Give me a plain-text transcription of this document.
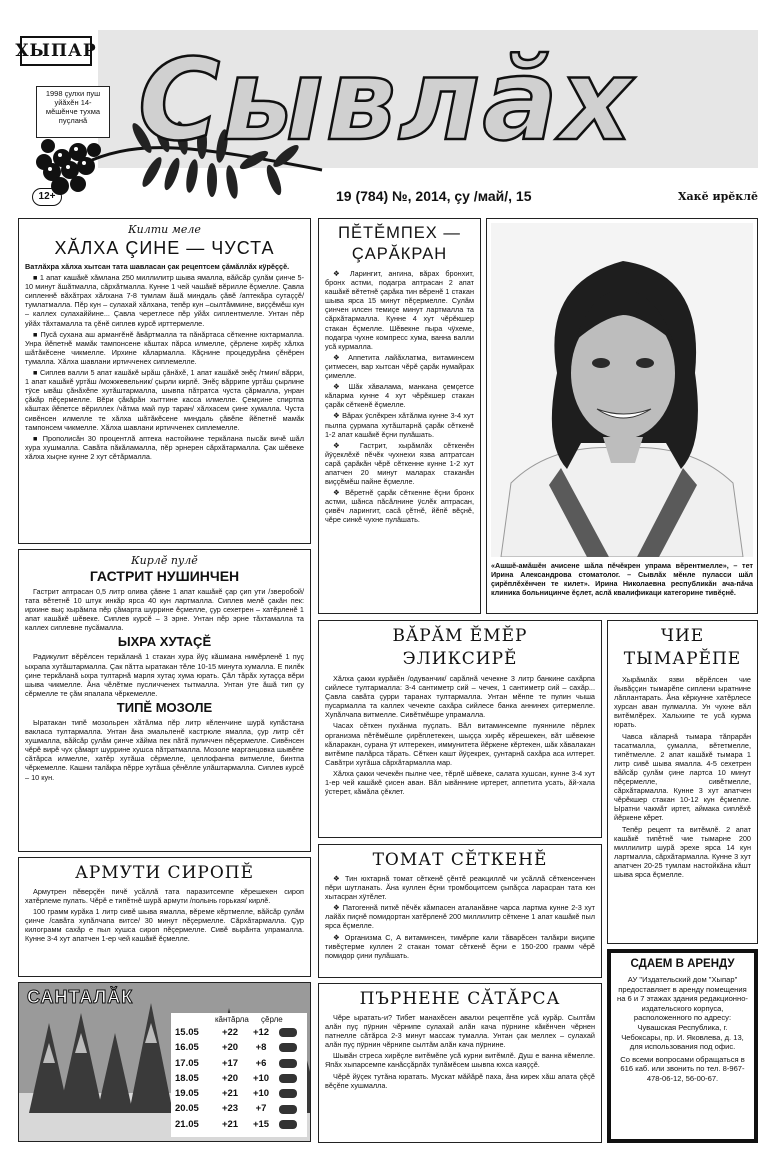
ХЫПАР
1998 çулхи пуш уйăхĕн 14-мĕшĕнче тухма пуçланă Сывлăх
12+	19 (784) №, 2014, çу /май/, 15	Хакĕ ирĕклĕ
Килти меле
ХĂЛХА ÇИНЕ — ЧУСТА

Ватлăхра хăлха хытсан тата шавласан çак рецептсем çăмăллăх кÿрĕççĕ.

■ 1 апат кашăкĕ хăмлана 250 миллилитр шыва ямалла, вăйсăр çулăм çинче 5-10 минут ăшăтмалла, сăрхăтмалла. Кунне 1 чей чашăкĕ вĕрилле ĕçмелле. Çавла сипленнĕ вăхăтрах хăлхана 7-8 тумлам ăшă миндаль çăвĕ /аптекăра сутаççĕ/ тумлатмалла. Пĕр кун – сулахай хăлхана, тепĕр кун –сылтăммине, виççĕмĕш кун – каллех сулахаййине... Çавла черетлесе пĕр уйăх сиплентмелле. Унтан пĕр уйăх тăхтамалла та çĕнĕ сиплев курсĕ ирттермелле.

■ Пусă сухана аш армангĕнĕ ăвăртмалла та пăнăртаса сĕткенне юхтармалла. Унра йĕпетнĕ мамăк тампонсене кăштах пăрса илмелле, çĕрлене хирĕç хăлха шăтăкĕсене чикмелле. Ирхине кăлармалла. Кăçнине процедурăна çĕнĕрен тумалла. Хăлха шавлани иртичченех сиплемелле.

■ Сиплев валли 5 апат кашăкĕ ырăш çăнăхĕ, 1 апат кашăкĕ энĕç /тмин/ вăрри, 1 апат кашăкĕ уртăш /можжевельник/ çырли кирлĕ. Энĕç вăррипе уртăш çырлине тÿсе ывăш çăнăхĕпе хутăштармалла, шывпа пăтратса чуста çăрмалла, унран çăкăр пĕçермелле. Вĕри çăкăрăн хыттине касса илмелле. Çемçине спиртпа кăштах йĕпетсе вĕриллех /чăтма май пур таран/ хăлхасем çине хумалла. Чуста сивĕнсен илмелле те хăлха шăтăкĕсене миндаль çăвĕпе йĕпетнĕ мамăк тампонсем чикмелле. Хăлха шавлани иртичченех сиплемелле.

■ Прополисăн 30 процентлă аптека настойкине теркăлана пысăк вичĕ шăл хура хушмалла. Савăта пăкăламалла, пĕр эрнерен сăрхăтармалла. Çак шĕвеке хăлха хыçне кунне 2 хут сĕтăрмалла.

Кирлĕ пулĕ
ГАСТРИТ НУШИНЧЕН

Гастрит аптрасан 0,5 литр олива çăвне 1 апат кашăкĕ çар çип ути /зверобой/ тата вĕтетнĕ 10 штук инкăр ярса 40 кун лартмалла. Сиплев мелĕ çакăн пек: ирхине выç хырăмла пĕр çăмарта шуррине ĕçмелле, çур сехетрен – хатĕрленĕ 1 апат кашăкĕ шĕвеке. Сиплев курсĕ – 3 эрне. Унтан пĕр эрне тăхтамалла та каллех сиплевне пусăмалла.

ЫХРА ХУТАÇĔ

Радикулит вĕрĕлсен теркăланă 1 стакан хура йÿç кăшмана нимĕрленĕ 1 пуç ыхрапа хутăштармалла. Çак пăтта ыратакан тĕле 10-15 минута хумалла. Е пилĕк çине теркăланă ыхра тултарнă марля хутаç хума юрать. Çăл тăрăх хутаççа вĕри шыва чикмелле. Ăна чĕлĕтме пусличченех тытмалла. Унтан ÿте ăшă тип çу сĕрмелле те çăм япалапа чĕркемелле.

ТИПĔ МОЗОЛЕ

Ыратакан типĕ мозольрен хăтăлма пĕр литр кĕленчине шурă купăстана вакласа тултармалла. Унтан ăна эмальленĕ кастрюле ямалла, çур литр сĕт хушмалла, вăйсăр çулăм çинче хăйма пек пăтă пуличчен пĕçермелле. Сивĕнсен чĕрĕ вирĕ чух çăмарт шуррине хушса пăтратмалла. Мозоле марганцовка шывĕпе сăтăрса илмелле, хатĕр хутăша сĕрмелле, целлофанпа витмелле, бинтпа чĕркемелле. Кашни талăкра пĕрре хутăша çĕнĕлле улăштармалла. Сиплев курсĕ – 10 кун.

АРМУТИ СИРОПĔ

Армутрен пĕверçĕн пичĕ усăллă тата паразитсемпе кĕрешекен сироп хатĕрлеме пулать. Чĕрĕ е типĕтнĕ шурă армути /полынь горькая/ кирлĕ.

100 грамм курăка 1 литр сивĕ шыва ямалла, вĕреме кĕртмелле, вăйсăр çулăм çинче /савăта хупăлчапа витсе/ 30 минут пĕçермелле. Сăрхăтармалла. Çур килограмм сахăр е пыл хушса сироп пĕçермелле. Сивĕ вырăнта упрамалла. Кунне 3-4 хут апатчен 1-ер чей кашăкĕ ĕçмелле.

САНТАЛĂК
кăнтăрла	çĕрле
15.05	+22	+12
16.05	+20	+8
17.05	+17	+6
18.05	+20	+10
19.05	+21	+10
20.05	+23	+7
21.05	+21	+15
ПĔТĔМПЕХ — ÇАРĂКРАН

❖ Ларингит, ангина, вăрах бронхит, бронх астми, подагра аптрасан 2 апат кашăкĕ вĕтетнĕ çарăка тин вĕренĕ 1 стакан шыва ярса 15 минут пĕçермелле. Сулăм çинчен илсен темиçе минут лартмалла та сăрхăтармалла. Кунне 4 хут чĕрĕкшер стакан ĕçмелле. Шĕвекне пыра чÿхеме, подагра чухне компресс хума, ванна валли усă курмалла.

❖ Аппетита лайăхлатма, витаминсем çитмесен, вар хытсан чĕрĕ çарăк нумайрах çимелле.

❖ Шăк хăвалама, манкана çемçетсе кăларма кунне 4 хут чĕрĕкшер стакан çарăк сĕткенĕ ĕçмелле.

❖ Вăрах ÿслĕкрен хăтăлма кунне 3-4 хут пылпа çурмапа хутăштарнă çарăк сĕткенĕ 1-2 апат кашăкĕ ĕçни пулăшать.

❖ Гастрит, хырăмлăх сĕткенĕн йÿçеклĕхĕ пĕчĕк чухнехи язва аптратсан сарă çарăкăн чĕрĕ сĕткенне кунне 1-2 хут апатчен 20 минут маларах стаканăн виççĕмĕш пайне ĕçмелле.

❖ Вĕретнĕ çарăк сĕткенне ĕçни бронх астми, шăнса пăсăлнине ÿслĕк аптрасан, çивĕч ларингит, сасă çĕтнĕ, йĕпĕ вĕçнĕ, чĕре синкĕ чухне пулăшать.

«Ашшĕ-амăшĕн ачисене шăла пĕчĕкрен упрама вĕрентмелле», – тет Ирина Александрова стоматолог. – Сывлăх мĕнле пуласси шăл çирĕплĕхĕнчен те килет». Ирина Николаевна республикăн ача-пăча клиника больницинче ĕçлет, аслă квалификаци категорине тивĕçнĕ.
ВĂРĂМ ĔМĔР ЭЛИКСИРĔ

Хăлха çакки курăкĕн /одуванчик/ сарăлнă чечекне 3 литр банкине сахăрпа сийлесе тултармалла: 3-4 сантиметр сий – чечек, 1 сантиметр сий – сахăр... Çавла савăта çурри таранах тултармалла. Унтан мĕнпе те пулин чыша пусармалла та каллех чечекпе сахăра сийлесе банка аннинех çитермелле. Хупăлчапа витмелле. Сивĕтмĕшре упрамалла.

Часах сĕткен пухăнма пуçлать. Вăл витаминсемпе пуянниле пĕрлех организма пĕтĕмĕшле çирĕплетекен, шыççа хирĕç кĕрешекен, вăт шĕвекне кăларакан, сурана ÿт илтерекен, иммунитета йĕркене кĕртекен, шăк хăвалакан витĕмпе палăрса тăрать. Сĕткен кашт йÿçекрех, çунтарнă сахăра аса илтерет. Савăтри хутăша сăрхăтармалла мар.

Хăлха çакки чечекĕн пылне чее, тĕрлĕ шĕвеке, салата хушсан, кунне 3-4 хут 1-ер чей кашăкĕ çисен аван. Вăл ывăннине иртерет, аппетита усать, ăй-хала ÿстерет, кăмăла çĕклет.

ЧИЕ ТЫМАРĔПЕ

Хырăмлăх язви вĕрĕлсен чие йывăççин тымарĕпе сиплени ыратнине лăплантарать. Ăна кĕркунне хатĕрлесе хурсан аван пулмалла. Ун чухне вăл витĕмлĕрех. Хальхипе те усă курма юрать.

Чавса кăларнă тымара тăпрарăн тасатмалла, çумалла, вĕтетмелле, типĕтмелле. 2 апат кашăкĕ тымара 1 литр сивĕ шыва ямалла. 4-5 сехетрен вăйсăр çулăм çине лартса 10 минут пĕçермелле, сивĕтмелле, сăрхăтармалла. Кунне 3 хут апатчен чĕрĕкшер стакан 10-12 кун ĕçмелле. Ыратни чакмăт иртет, аймака сиплĕхĕ йĕркене кĕрет.

Тепĕр рецепт та витĕмлĕ. 2 апат кашăкĕ типĕтнĕ чие тымарне 200 миллилитр шурă эрехе ярса 14 кун лартмалла, сăрхăтармалла. Кунне 3 хут апатчен 20-25 тумлам настойкăна кăшт шыва ярса ĕçмелле.

ТОМАТ СĔТКЕНĔ

❖ Тин юхтарнă томат сĕткенĕ çĕнтĕ реакциллĕ чи усăллă сĕткенсенчен пĕри шутланать. Ăна куллен ĕçни тромбоцитсем çыпăçса ларасран тата юн хытасран хÿтĕлет.

❖ Патогеннă питкĕ пĕчĕк кăмпасен аталанăвне чарса лартма кунне 2-3 хут лайăх пиçнĕ помидортан хатĕрленĕ 200 миллилитр сĕткене 1 апат кашăкĕ пыл ярса ĕçмелле.

❖ Организма С, А витаминсен, тимĕрпе кали тăварĕсен талăкри виçипе тивĕçтерме куллен 2 стакан томат сĕткенĕ ĕçни е 150-200 грамм чĕрĕ помидор çини пулăшать.

ПЪРНЕНЕ СĂТĂРСА

Чĕре ыратать-и? Тибет манахĕсен авалхи рецептĕпе усă курăр. Сылтăм алăн пуç пÿрнин чĕрнипе сулахай алăн кача пÿрнине кăкĕнчен чĕрнен патнелле сăтăрса 2-3 минут массаж тумалла. Унтан çак меллех – сулахай алăн пуç пÿрнин чĕрнипе сылтăм алăн кача пÿрнине.

Шывăн стреса хирĕçле витĕмĕпе усă курни витĕмлĕ. Душ е ванна кĕмелле. Япăх хыпарсемпе канăсçăрлăх тулăмĕсем шывпа юхса каяççĕ.

Чĕрĕ йÿçек тутăна юратать. Мускат мăйăрĕ паха, ăна кирек хăш апата çĕçĕ вĕçĕпе хушмалла.

СДАЕМ В АРЕНДУ
АУ "Издательский дом "Хыпар" предоставляет в аренду помещения на 6 и 7 этажах здания редакционно-издательского корпуса, расположенного по адресу: Чувашская Республика, г. Чебоксары, пр. И. Яковлева, д. 13, для использования под офис.
Со всеми вопросами обращаться в 616 каб. или звонить по тел. 8-967-478-06-12, 56-00-67.
